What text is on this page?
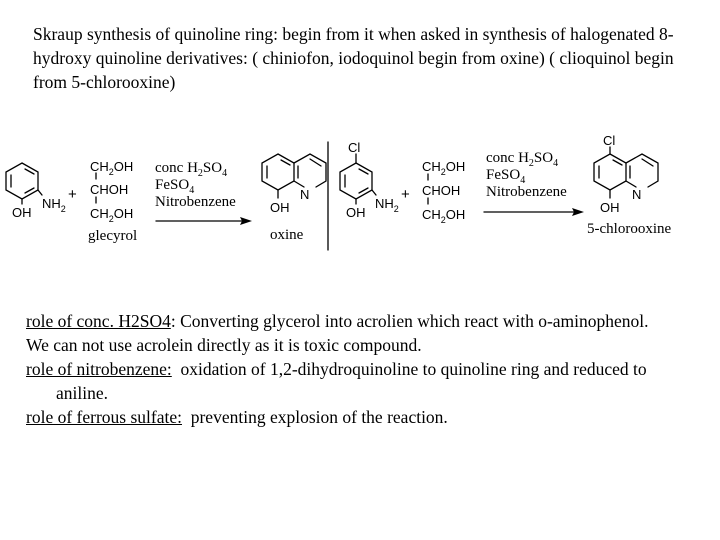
Skraup synthesis of quinoline ring: begin from it when asked in synthesis of halogenated 8-hydroxy quinoline derivatives: ( chiniofon, iodoquinol begin from oxine) ( clioquinol begin from 5-chlorooxine)

$NH_2$
OH
+
$CH_2OH$
CHOH
$CH_2OH$
N
OH
glecyrol
conc $H_2SO_4$
FeSO$_4$
Nitrobenzene
oxine
Cl
$NH_2$
OH
+
$CH_2OH$
CHOH
$CH_2OH$
Cl
N
OH
conc $H_2SO_4$
FeSO$_4$
Nitrobenzene
5-chlorooxine

role of conc. H2SO4: Converting glycerol into acrolien which react with o-aminophenol.

We can not use acrolein directly as it is toxic compound.

role of nitrobenzene:  oxidation of 1,2-dihydroquinoline to quinoline ring and reduced to aniline.

role of ferrous sulfate:  preventing explosion of the reaction.
